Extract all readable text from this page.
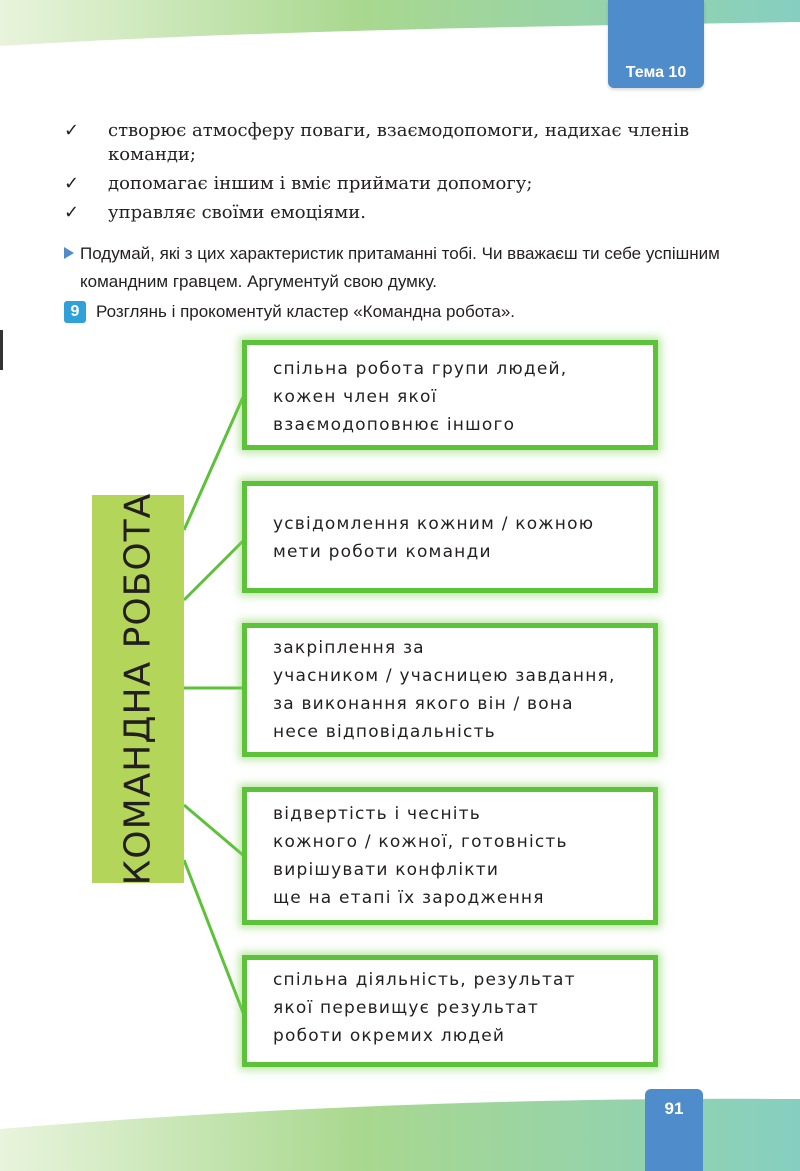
Тема 10
✓ створює атмосферу поваги, взаємодопомоги, надихає членів команди;
✓ допомагає іншим і вміє приймати допомогу;
✓ управляє своїми емоціями.
Подумай, які з цих характеристик притаманні тобі. Чи вважаєш ти себе успішним командним гравцем. Аргументуй свою думку.
9 Розглянь і прокоментуй кластер «Командна робота».
КОМАНДНА РОБОТА
спільна робота групи людей,
кожен член якої
взаємодоповнює іншого
усвідомлення кожним / кожною
мети роботи команди
закріплення за
учасником / учасницею завдання,
за виконання якого він / вона
несе відповідальність
відвертість і чесніть
кожного / кожної, готовність
вирішувати конфлікти
ще на етапі їх зародження
спільна діяльність, результат
якої перевищує результат
роботи окремих людей
91
